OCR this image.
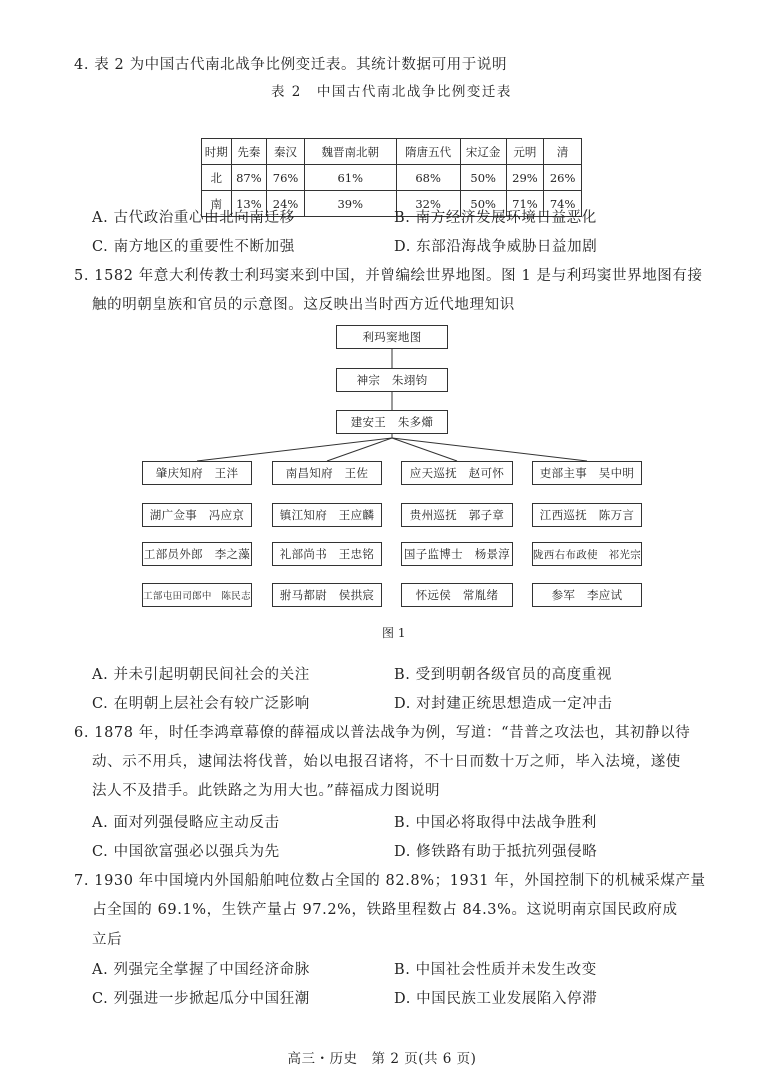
4. 表 2 为中国古代南北战争比例变迁表。其统计数据可用于说明
表 2　中国古代南北战争比例变迁表
时期	先秦	秦汉	魏晋南北朝	隋唐五代	宋辽金	元明	清
北	87%	76%	61%	68%	50%	29%	26%
南	13%	24%	39%	32%	50%	71%	74%
A. 古代政治重心由北向南迁移	B. 南方经济发展环境日益恶化
C. 南方地区的重要性不断加强	D. 东部沿海战争威胁日益加剧
5. 1582 年意大利传教士利玛窦来到中国，并曾编绘世界地图。图 1 是与利玛窦世界地图有接
触的明朝皇族和官员的示意图。这反映出当时西方近代地理知识
利玛窦地图
神宗　朱翊钧
建安王　朱多㸅
肇庆知府　王泮	南昌知府　王佐	应天巡抚　赵可怀	吏部主事　吴中明
湖广佥事　冯应京	镇江知府　王应麟	贵州巡抚　郭子章	江西巡抚　陈万言
工部员外郎　李之藻	礼部尚书　王忠铭	国子监博士　杨景淳 陇西右布政使　祁光宗
工部屯田司郎中　陈民志	驸马都尉　侯拱宸	怀远侯　常胤绪	参军　李应试
图 1
A. 并未引起明朝民间社会的关注	B. 受到明朝各级官员的高度重视
C. 在明朝上层社会有较广泛影响	D. 对封建正统思想造成一定冲击
6. 1878 年，时任李鸿章幕僚的薛福成以普法战争为例，写道：“昔普之攻法也，其初静以待
动、示不用兵，逮闻法将伐普，始以电报召诸将，不十日而数十万之师，毕入法境，遂使
法人不及措手。此铁路之为用大也。”薛福成力图说明
A. 面对列强侵略应主动反击	B. 中国必将取得中法战争胜利
C. 中国欲富强必以强兵为先	D. 修铁路有助于抵抗列强侵略
7. 1930 年中国境内外国船舶吨位数占全国的 82.8%；1931 年，外国控制下的机械采煤产量
占全国的 69.1%，生铁产量占 97.2%，铁路里程数占 84.3%。这说明南京国民政府成
立后
A. 列强完全掌握了中国经济命脉	B. 中国社会性质并未发生改变
C. 列强进一步掀起瓜分中国狂潮	D. 中国民族工业发展陷入停滞
高三・历史　第 2 页(共 6 页)
